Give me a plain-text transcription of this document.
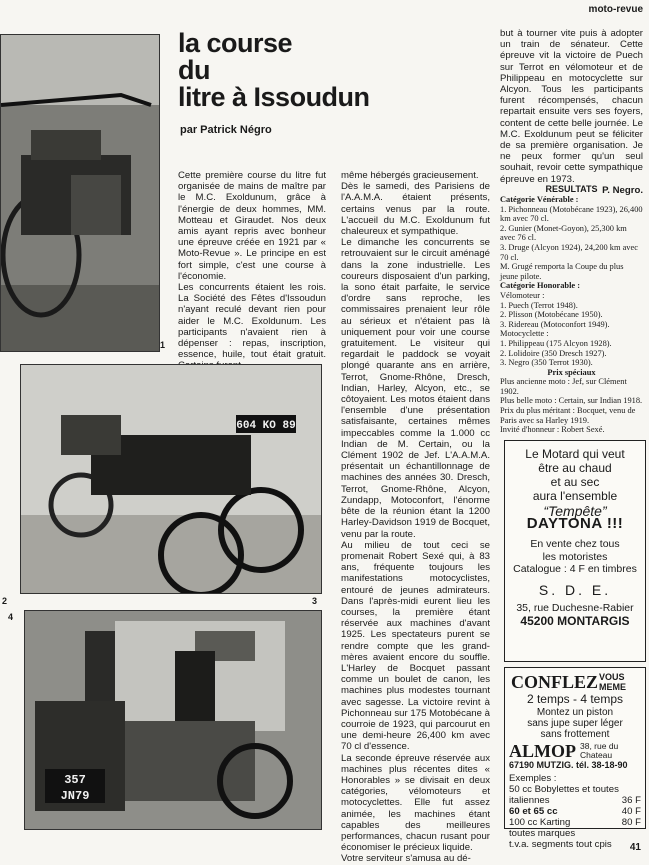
moto-revue
1
la course
du
litre à Issoudun
par Patrick Négro

Cette première course du litre fut organisée de mains de maître par le M.C. Exoldunum, grâce à l'énergie de deux hommes, MM. Motteau et Giraudet. Nos deux amis ayant repris avec bonheur une épreuve créée en 1921 par « Moto-Revue ». Le principe en est fort simple, c'est une course à l'économie.

Les concurrents étaient les rois. La Société des Fêtes d'Issoudun n'ayant reculé devant rien pour aider le M.C. Exoldunum. Les participants n'avaient rien à dépenser : repas, inscription, essence, huile, tout était gratuit.

même hébergés gracieusement.

Dès le samedi, des Parisiens de l'A.A.M.A. étaient présents, certains venus par la route. L'accueil du M.C. Exoldunum fut chaleureux et sympathique.

Le dimanche les concurrents se retrouvaient sur le circuit aménagé dans la zone industrielle. Les coureurs disposaient d'un parking, la sono était parfaite, le service d'ordre sans reproche, les commissaires prenaient leur rôle au sérieux et n'étaient pas là uniquement pour voir une course gratuitement. Le visiteur qui regardait le paddock se voyait plongé quarante ans en arrière, Terrot, Gnome-Rhône, Dresch, Indian, Harley, Alcyon, etc., se côtoyaient. Les motos étaient dans l'ensemble d'une présentation satisfaisante, certaines mêmes impeccables comme la 1.000 cc Indian de M. Certain, ou la Clément 1902 de Jef. L'A.A.M.A. présentait un échantillonnage de machines des années 30. Dresch, Terrot, Gnome-Rhône, Alcyon, Zundapp, Motoconfort, l'énorme bête de la réunion étant la 1200 Harley-Davidson 1919 de Bocquet, venu par la route.

Au milieu de tout ceci se promenait Robert Sexé qui, à 83 ans, fréquente toujours les manifestations motocyclistes, entouré de jeunes admirateurs. Dans l'après-midi eurent lieu les courses, la première étant réservée aux machines d'avant 1925. Les spectateurs purent se rendre compte que les grand-mères avaient encore du souffle. L'Harley de Bocquet passant comme un boulet de canon, les machines plus modestes tournant avec sagesse. La victoire revint à Pichonneau sur 175 Motobécane à courroie de 1923, qui parcourut en une demi-heure 26,400 km avec 70 cl d'essence.

La seconde épreuve réservée aux machines plus récentes dites « Honorables » se divisait en deux catégories, vélomoteurs et motocyclettes. Elle fut assez animée, les machines étant capables des meilleures performances, chacun rusant pour économiser le précieux liquide.

Votre serviteur s'amusa au dé-

604 KO 89
2	3
4
357
JN79

but à tourner vite puis à adopter un train de sénateur. Cette épreuve vit la victoire de Puech sur Terrot en vélomoteur et de Philippeau en motocyclette sur Alcyon. Tous les participants furent récompensés, chacun repartait ensuite vers ses foyers, content de cette belle journée. Le M.C. Exoldunum peut se féliciter de sa première organisation. Je ne peux former qu'un seul souhait, revoir cette sympathique épreuve en 1973.

P. Negro.
RESULTATS
Catégorie Vénérable :
1. Pichonneau (Motobécane 1923), 26,400 km avec 70 cl.
2. Gunier (Monet-Goyon), 25,300 km avec 76 cl.
3. Druge (Alcyon 1924), 24,200 km avec 70 cl.
M. Grugé remporta la Coupe du plus jeune pilote.
Catégorie Honorable :
Vélomoteur :
1. Puech (Terrot 1948).
2. Plisson (Motobécane 1950).
3. Ridereau (Motoconfort 1949).
Motocyclette :
1. Philippeau (175 Alcyon 1928).
2. Lolidoire (350 Dresch 1927).
3. Negro (350 Terrot 1930).
Prix spéciaux
Plus ancienne moto : Jef, sur Clément 1902.
Plus belle moto : Certain, sur Indian 1918.
Prix du plus méritant : Bocquet, venu de Paris avec sa Harley 1919.
Invité d'honneur : Robert Sexé.
Le Motard qui veut
être au chaud
et au sec
aura l'ensemble
“Tempête”
DAYTONA !!!
En vente chez tous
les motoristes
Catalogue : 4 F en timbres
S. D. E.
35, rue Duchesne-Rabier
45200 MONTARGIS
CONFLEZ VOUS MEME
2 temps - 4 temps
Montez un piston
sans jupe super léger
sans frottement
ALMOP 38, rue du Chateau
67190 MUTZIG. tél. 38-18-90
Exemples :
50 cc Bobylettes et toutes
italiennes	36 F
60 et 65 cc	40 F
100 cc Karting	80 F
toutes marques
t.v.a. segments tout cpis 41
